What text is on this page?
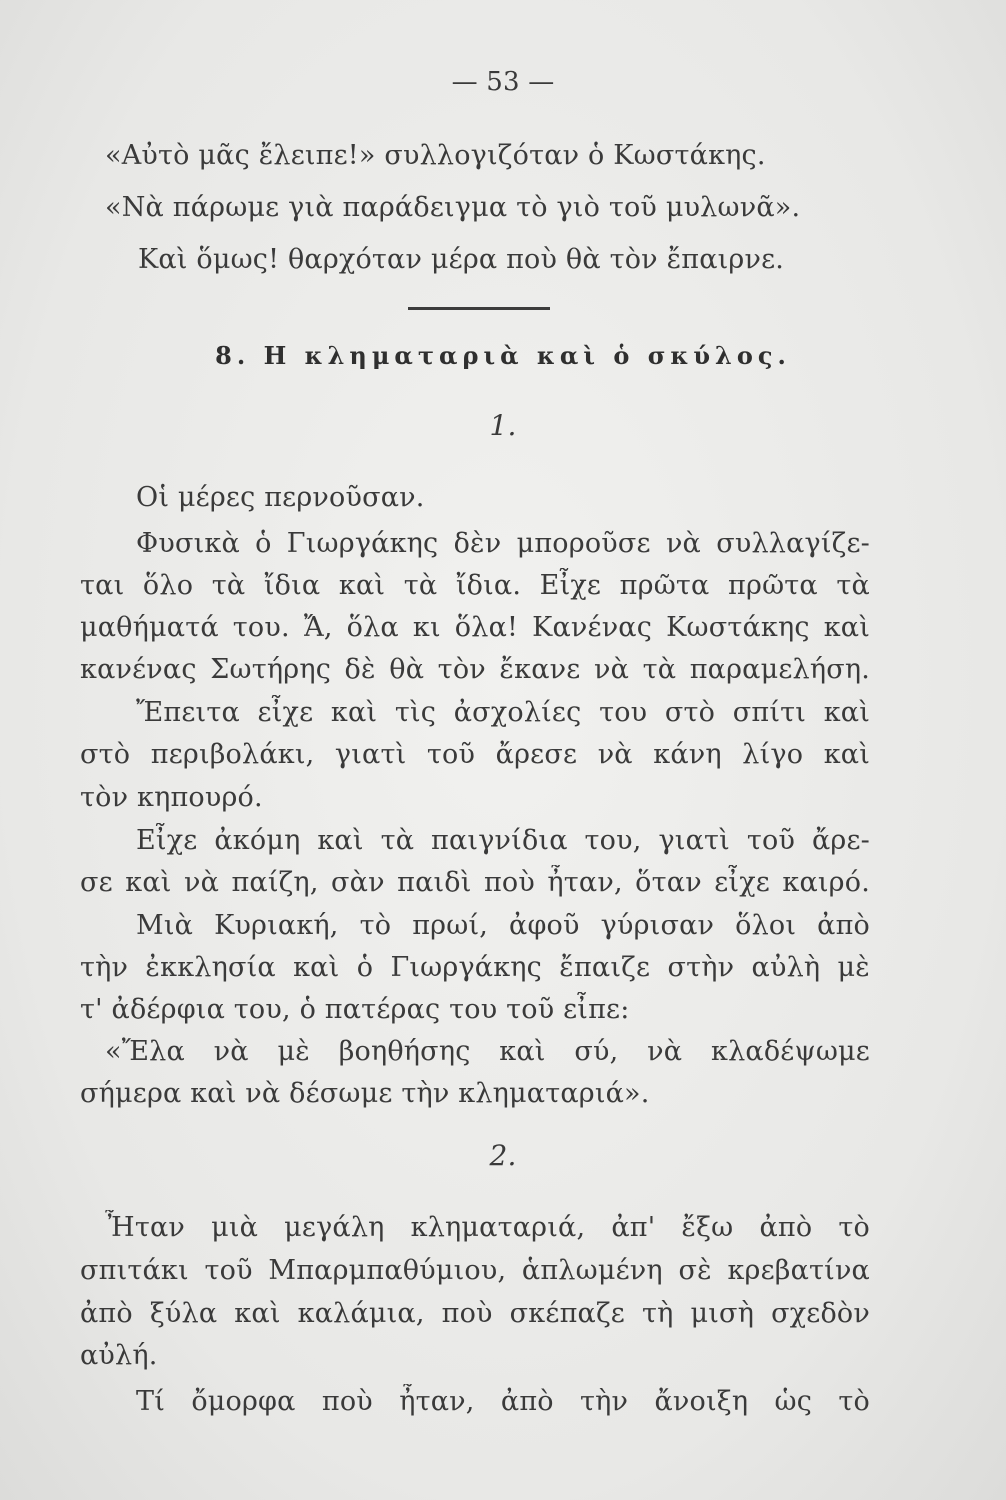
— 53 —
«Αὐτὸ μᾶς ἔλειπε!» συλλογιζόταν ὁ Κωστάκης.
«Νὰ πάρωμε γιὰ παράδειγμα τὸ γιὸ τοῦ μυλωνᾶ».
Καὶ ὅμως! θαρχόταν μέρα ποὺ θὰ τὸν ἔπαιρνε.
8. Η κληματαριὰ καὶ ὁ σκύλος.
1.
Οἱ μέρες περνοῦσαν.
Φυσικὰ ὁ Γιωργάκης δὲν μποροῦσε νὰ συλλαγίζε-
ται ὅλο τὰ ἴδια καὶ τὰ ἴδια. Εἶχε πρῶτα πρῶτα τὰ
μαθήματά του. Ἄ, ὅλα κι ὅλα! Κανένας Κωστάκης καὶ
κανένας Σωτήρης δὲ θὰ τὸν ἔκανε νὰ τὰ παραμελήση.
Ἔπειτα εἶχε καὶ τὶς ἀσχολίες του στὸ σπίτι καὶ
στὸ περιβολάκι, γιατὶ τοῦ ἄρεσε νὰ κάνη λίγο καὶ
τὸν κηπουρό.
Εἶχε ἀκόμη καὶ τὰ παιγνίδια του, γιατὶ τοῦ ἄρε-
σε καὶ νὰ παίζη, σὰν παιδὶ ποὺ ἦταν, ὅταν εἶχε καιρό.
Μιὰ Κυριακή, τὸ πρωί, ἀφοῦ γύρισαν ὅλοι ἀπὸ
τὴν ἐκκλησία καὶ ὁ Γιωργάκης ἔπαιζε στὴν αὐλὴ μὲ
τ' ἀδέρφια του, ὁ πατέρας του τοῦ εἶπε:
«Ἔλα νὰ μὲ βοηθήσης καὶ σύ, νὰ κλαδέψωμε
σήμερα καὶ νὰ δέσωμε τὴν κληματαριά».
2.
Ἦταν μιὰ μεγάλη κληματαριά, ἀπ' ἔξω ἀπὸ τὸ
σπιτάκι τοῦ Μπαρμπαθύμιου, ἁπλωμένη σὲ κρεβατίνα
ἀπὸ ξύλα καὶ καλάμια, ποὺ σκέπαζε τὴ μισὴ σχεδὸν
αὐλή.
Τί ὄμορφα ποὺ ἦταν, ἀπὸ τὴν ἄνοιξη ὡς τὸ
